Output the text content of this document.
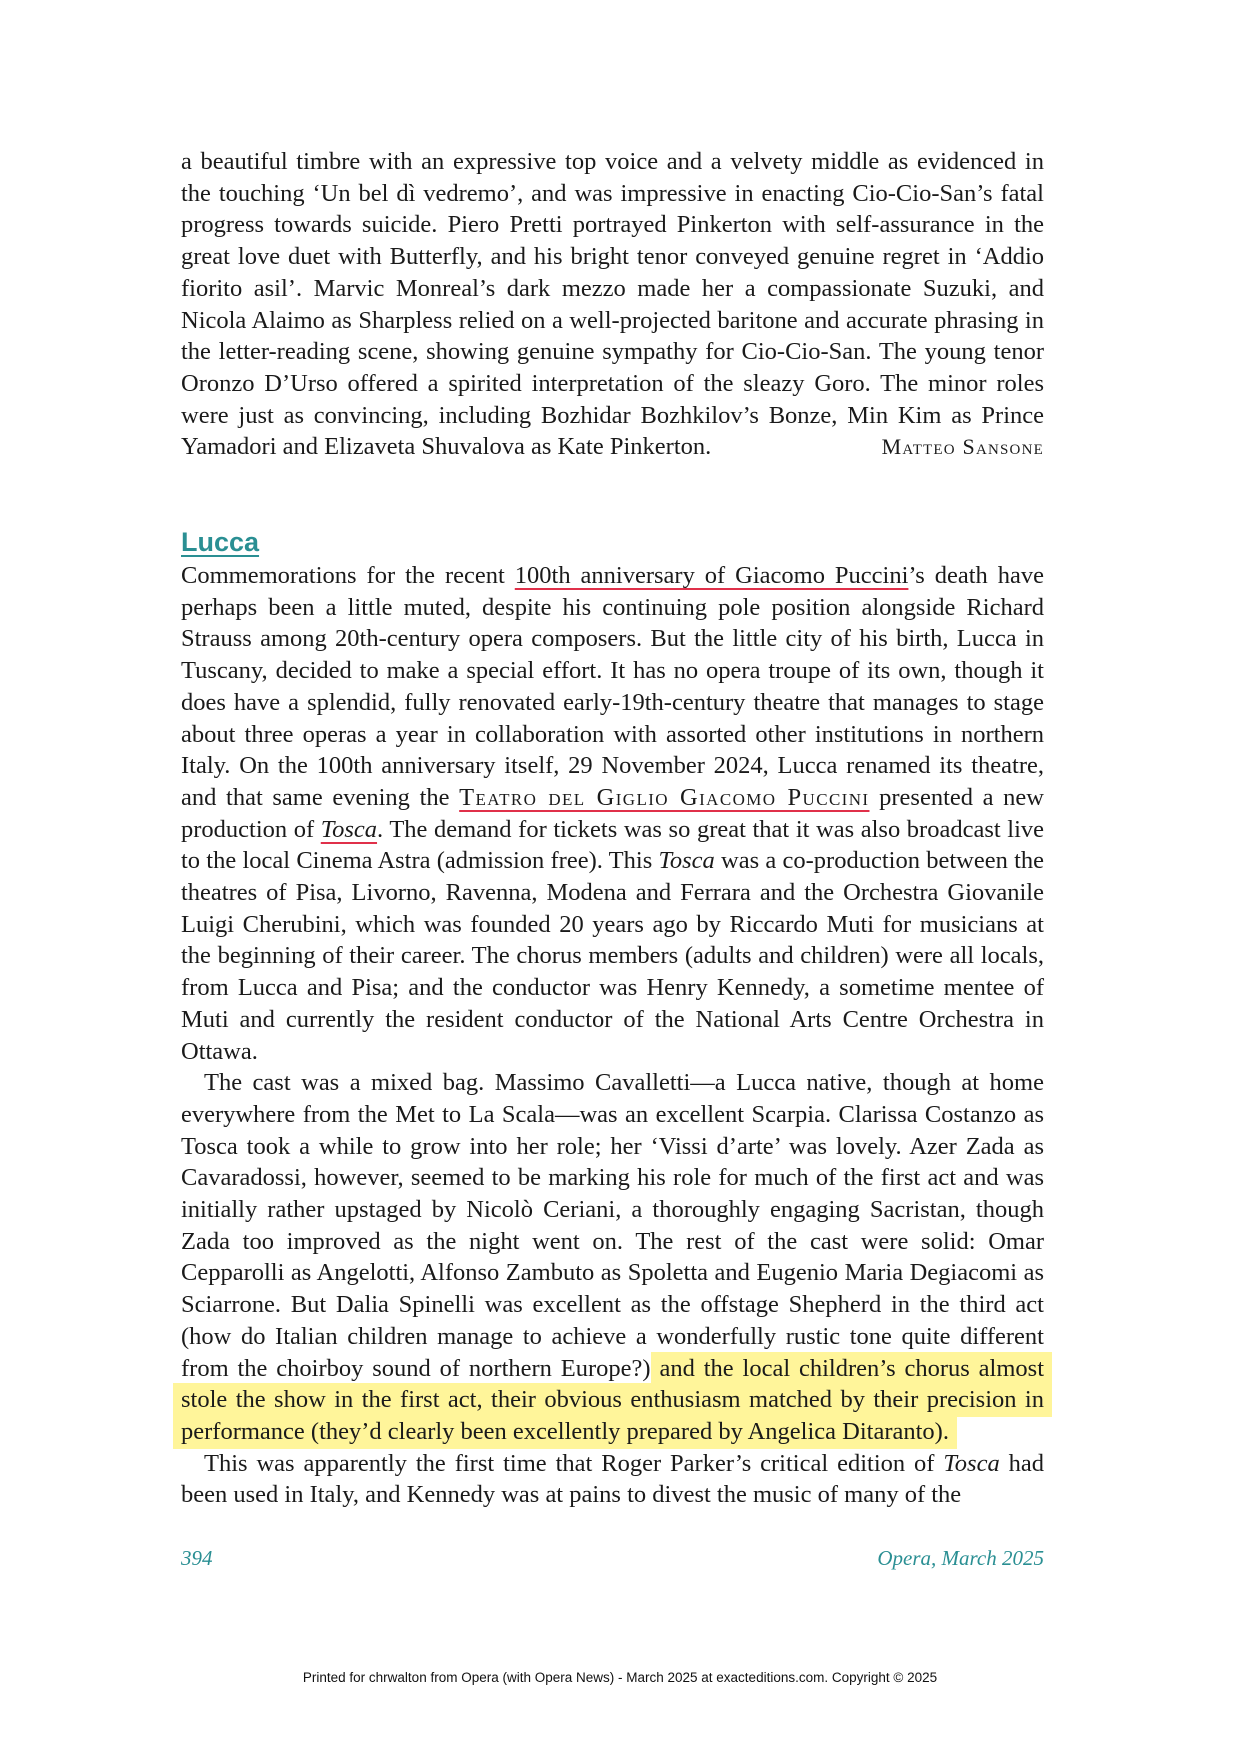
a beautiful timbre with an expressive top voice and a velvety middle as evidenced in the touching ‘Un bel dì vedremo’, and was impressive in enacting Cio-Cio-San’s fatal progress towards suicide. Piero Pretti portrayed Pinkerton with self-assurance in the great love duet with Butterfly, and his bright tenor conveyed genuine regret in ‘Addio fiorito asil’. Marvic Monreal’s dark mezzo made her a compassionate Suzuki, and Nicola Alaimo as Sharpless relied on a well-projected baritone and accurate phrasing in the letter-reading scene, showing genuine sympathy for Cio-Cio-San. The young tenor Oronzo D’Urso offered a spirited interpretation of the sleazy Goro. The minor roles were just as convincing, including Bozhidar Bozhkilov’s Bonze, Min Kim as Prince Yamadori and Elizaveta Shuvalova as Kate Pinkerton.	Matteo Sansone

Lucca

Commemorations for the recent 100th anniversary of Giacomo Puccini’s death have perhaps been a little muted, despite his continuing pole position alongside Richard Strauss among 20th-century opera composers. But the little city of his birth, Lucca in Tuscany, decided to make a special effort. It has no opera troupe of its own, though it does have a splendid, fully renovated early-19th-century theatre that manages to stage about three operas a year in collaboration with assorted other institutions in northern Italy. On the 100th anniversary itself, 29 November 2024, Lucca renamed its theatre, and that same evening the Teatro del Giglio Giacomo Puccini presented a new production of Tosca. The demand for tickets was so great that it was also broadcast live to the local Cinema Astra (admission free). This Tosca was a co-production between the theatres of Pisa, Livorno, Ravenna, Modena and Ferrara and the Orchestra Giovanile Luigi Cherubini, which was founded 20 years ago by Riccardo Muti for musicians at the beginning of their career. The chorus members (adults and children) were all locals, from Lucca and Pisa; and the conductor was Henry Kennedy, a sometime mentee of Muti and currently the resident conductor of the National Arts Centre Orchestra in Ottawa.

The cast was a mixed bag. Massimo Cavalletti—a Lucca native, though at home everywhere from the Met to La Scala—was an excellent Scarpia. Clarissa Costanzo as Tosca took a while to grow into her role; her ‘Vissi d’arte’ was lovely. Azer Zada as Cavaradossi, however, seemed to be marking his role for much of the first act and was initially rather upstaged by Nicolò Ceriani, a thoroughly engaging Sacristan, though Zada too improved as the night went on. The rest of the cast were solid: Omar Cepparolli as Angelotti, Alfonso Zambuto as Spoletta and Eugenio Maria Degiacomi as Sciarrone. But Dalia Spinelli was excellent as the offstage Shepherd in the third act (how do Italian children manage to achieve a wonderfully rustic tone quite different from the choirboy sound of northern Europe?) and the local children’s chorus almost stole the show in the first act, their obvious enthusiasm matched by their precision in performance (they’d clearly been excellently prepared by Angelica Ditaranto).

This was apparently the first time that Roger Parker’s critical edition of Tosca had been used in Italy, and Kennedy was at pains to divest the music of many of the

394	Opera, March 2025

Printed for chrwalton from Opera (with Opera News) - March 2025 at exacteditions.com. Copyright © 2025
